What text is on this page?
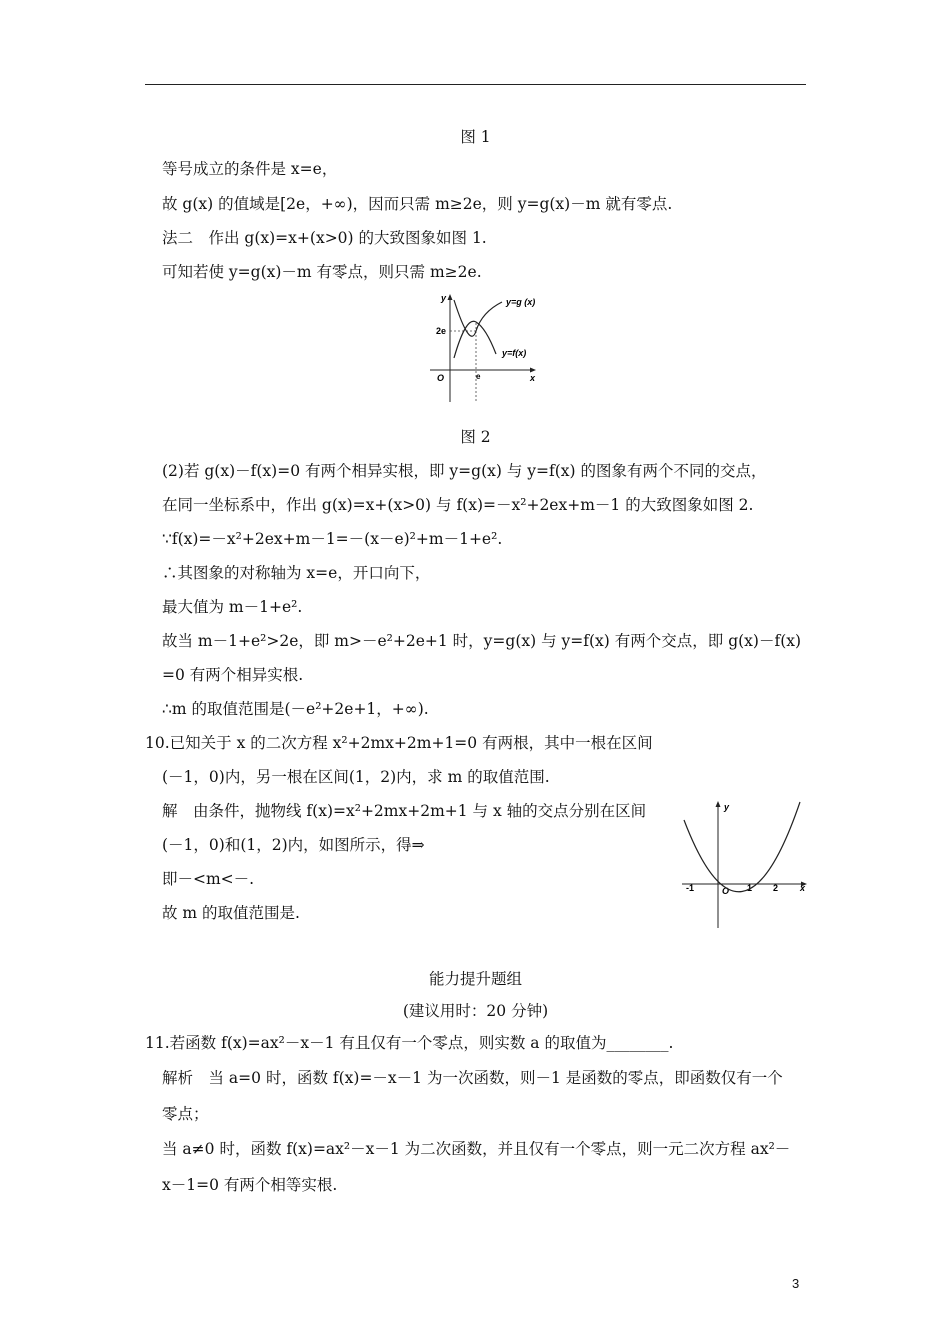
图 1
等号成立的条件是 x=e，
故 g(x) 的值域是[2e，+∞)，因而只需 m≥2e，则 y=g(x)－m 就有零点.
法二　作出 g(x)=x+(x>0) 的大致图象如图 1.
可知若使 y=g(x)－m 有零点，则只需 m≥2e.
y
x
O
2e
e
y=g (x)
y=f(x)
图 2
(2)若 g(x)－f(x)=0 有两个相异实根，即 y=g(x) 与 y=f(x) 的图象有两个不同的交点，
在同一坐标系中，作出 g(x)=x+(x>0) 与 f(x)=－x²+2ex+m－1 的大致图象如图 2.
∵f(x)=－x²+2ex+m－1=－(x－e)²+m－1+e².
∴其图象的对称轴为 x=e，开口向下，
最大值为 m－1+e².
故当 m－1+e²>2e，即 m>－e²+2e+1 时，y=g(x) 与 y=f(x) 有两个交点，即 g(x)－f(x)
=0 有两个相异实根.
∴m 的取值范围是(－e²+2e+1，+∞).
10.已知关于 x 的二次方程 x²+2mx+2m+1=0 有两根，其中一根在区间
(－1，0)内，另一根在区间(1，2)内，求 m 的取值范围.
解　由条件，抛物线 f(x)=x²+2mx+2m+1 与 x 轴的交点分别在区间
(－1，0)和(1，2)内，如图所示，得⇒
即－<m<－.
故 m 的取值范围是.
y
x
O
-1	1 2
能力提升题组
(建议用时：20 分钟)
11.若函数 f(x)=ax²－x－1 有且仅有一个零点，则实数 a 的取值为________.
解析　当 a=0 时，函数 f(x)=－x－1 为一次函数，则－1 是函数的零点，即函数仅有一个
零点；
当 a≠0 时，函数 f(x)=ax²－x－1 为二次函数，并且仅有一个零点，则一元二次方程 ax²－
x－1=0 有两个相等实根.
3
